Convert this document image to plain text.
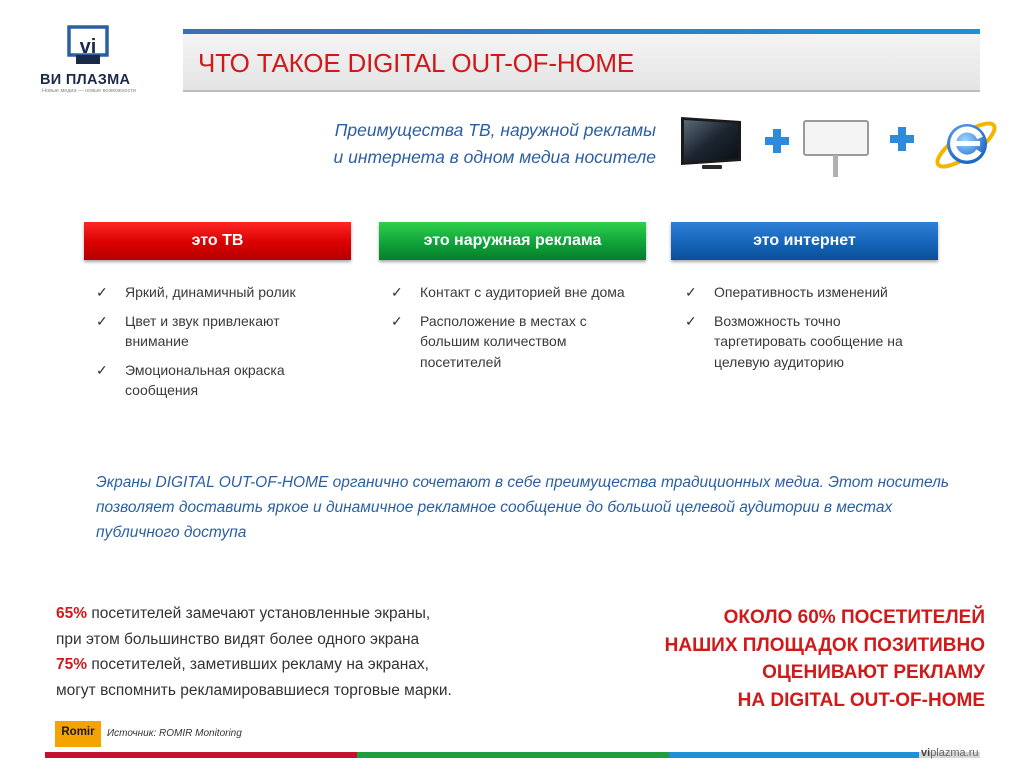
vi
ВИ ПЛАЗМА
Новые медиа — новые возможности
ЧТО ТАКОЕ DIGITAL OUT-OF-HOME
Преимущества ТВ, наружной рекламы
и интернета в одном медиа носителе
это ТВ	это наружная реклама	это интернет
✓ Яркий, динамичный ролик
✓ Цвет и звук привлекают внимание
✓ Эмоциональная окраска сообщения
✓ Контакт с аудиторией вне дома
✓ Расположение в местах с большим количеством посетителей
✓ Оперативность изменений
✓ Возможность точно таргетировать сообщение на целевую аудиторию
Экраны DIGITAL OUT-OF-HOME органично сочетают в себе преимущества традиционных медиа. Этот носитель позволяет доставить яркое и динамичное рекламное сообщение до большой целевой аудитории в местах публичного доступа
65% посетителей замечают установленные экраны,
при этом большинство видят более одного экрана
75% посетителей, заметивших рекламу на экранах,
могут вспомнить рекламировавшиеся торговые марки.
ОКОЛО 60% ПОСЕТИТЕЛЕЙ
НАШИХ ПЛОЩАДОК ПОЗИТИВНО
ОЦЕНИВАЮТ РЕКЛАМУ
НА DIGITAL OUT-OF-HOME
Romir	Источник: ROMIR Monitoring
viplazma.ru
